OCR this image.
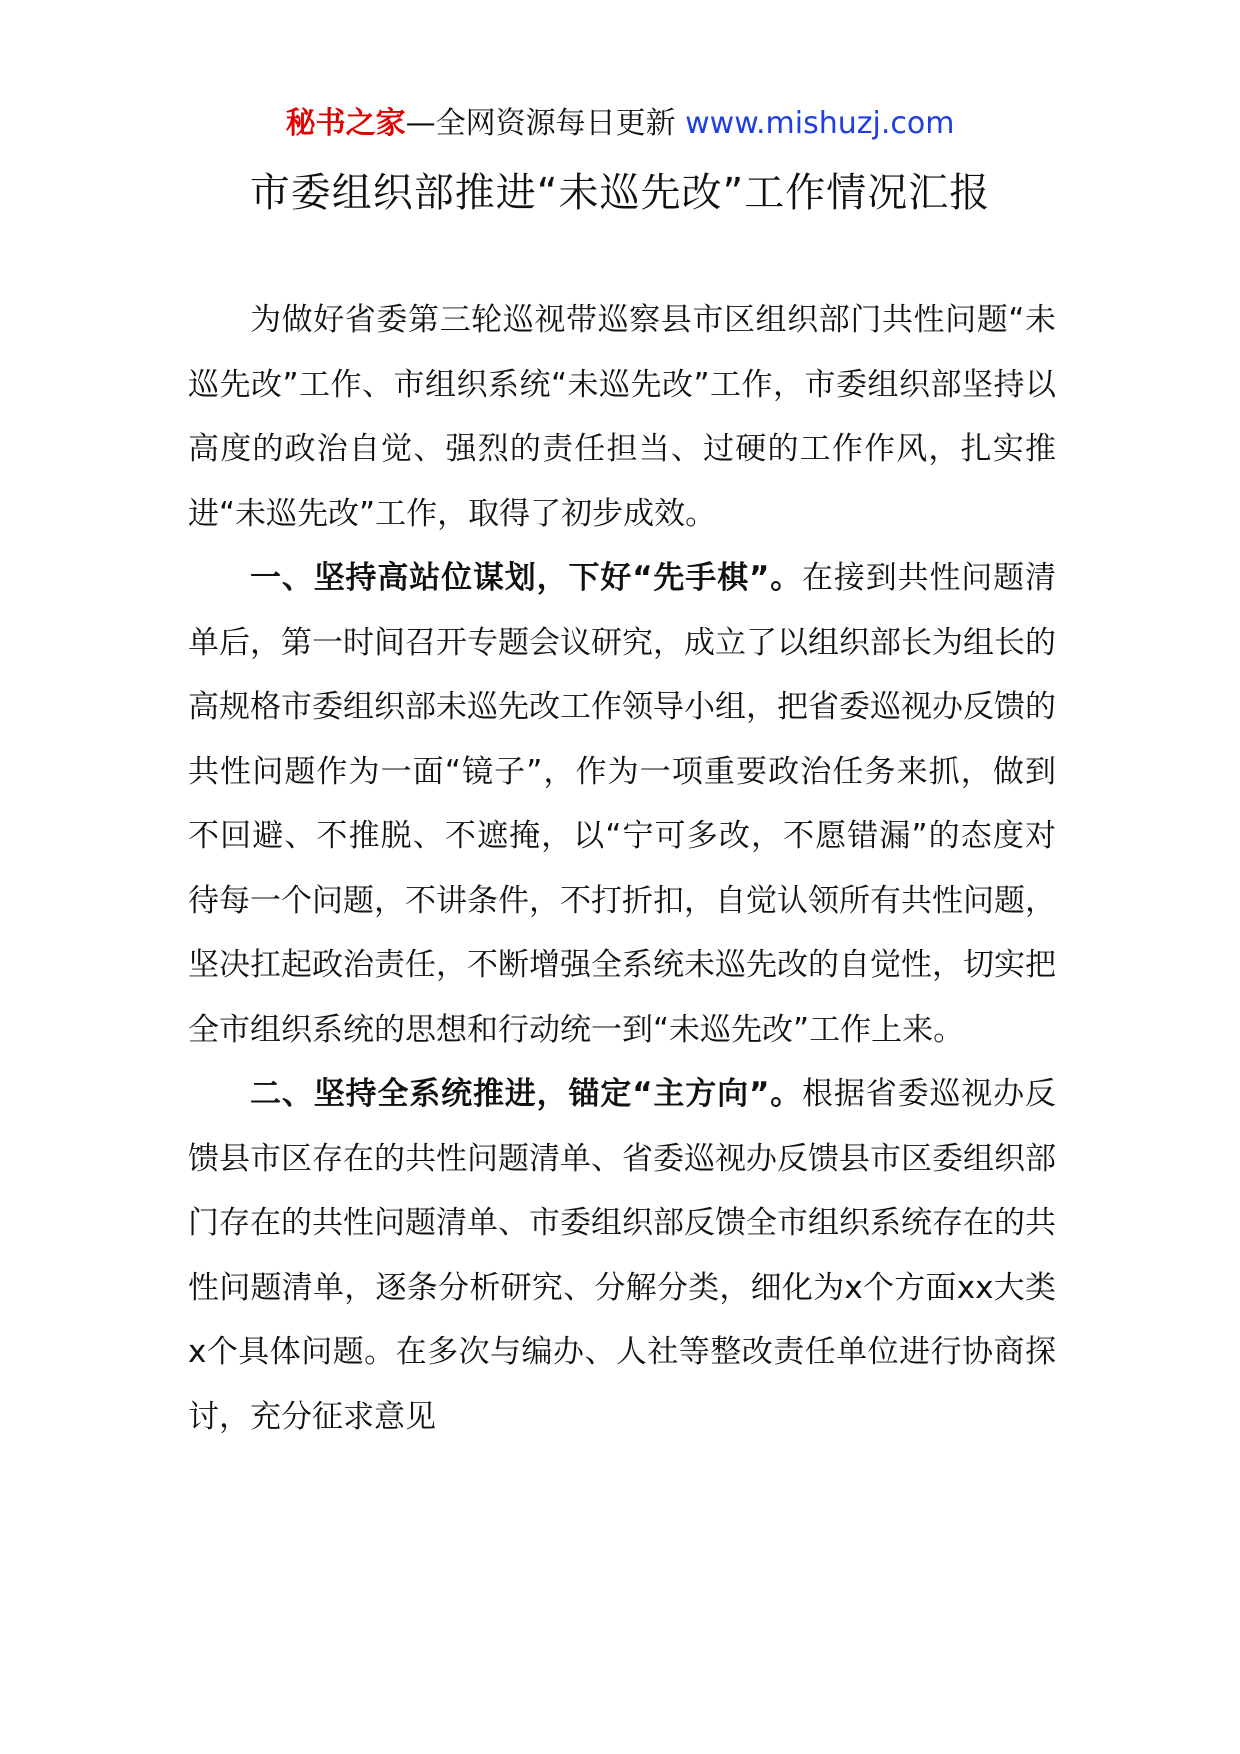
秘书之家—全网资源每日更新 www.mishuzj.com
市委组织部推进“未巡先改”工作情况汇报

为做好省委第三轮巡视带巡察县市区组织部门共性问题“未巡先改”工作、市组织系统“未巡先改”工作，市委组织部坚持以高度的政治自觉、强烈的责任担当、过硬的工作作风，扎实推进“未巡先改”工作，取得了初步成效。

一、坚持高站位谋划，下好“先手棋”。在接到共性问题清单后，第一时间召开专题会议研究，成立了以组织部长为组长的高规格市委组织部未巡先改工作领导小组，把省委巡视办反馈的共性问题作为一面“镜子”，作为一项重要政治任务来抓，做到不回避、不推脱、不遮掩，以“宁可多改，不愿错漏”的态度对待每一个问题，不讲条件，不打折扣，自觉认领所有共性问题，坚决扛起政治责任，不断增强全系统未巡先改的自觉性，切实把全市组织系统的思想和行动统一到“未巡先改”工作上来。

二、坚持全系统推进，锚定“主方向”。根据省委巡视办反馈县市区存在的共性问题清单、省委巡视办反馈县市区委组织部门存在的共性问题清单、市委组织部反馈全市组织系统存在的共性问题清单，逐条分析研究、分解分类，细化为x个方面xx大类x个具体问题。在多次与编办、人社等整改责任单位进行协商探讨，充分征求意见
